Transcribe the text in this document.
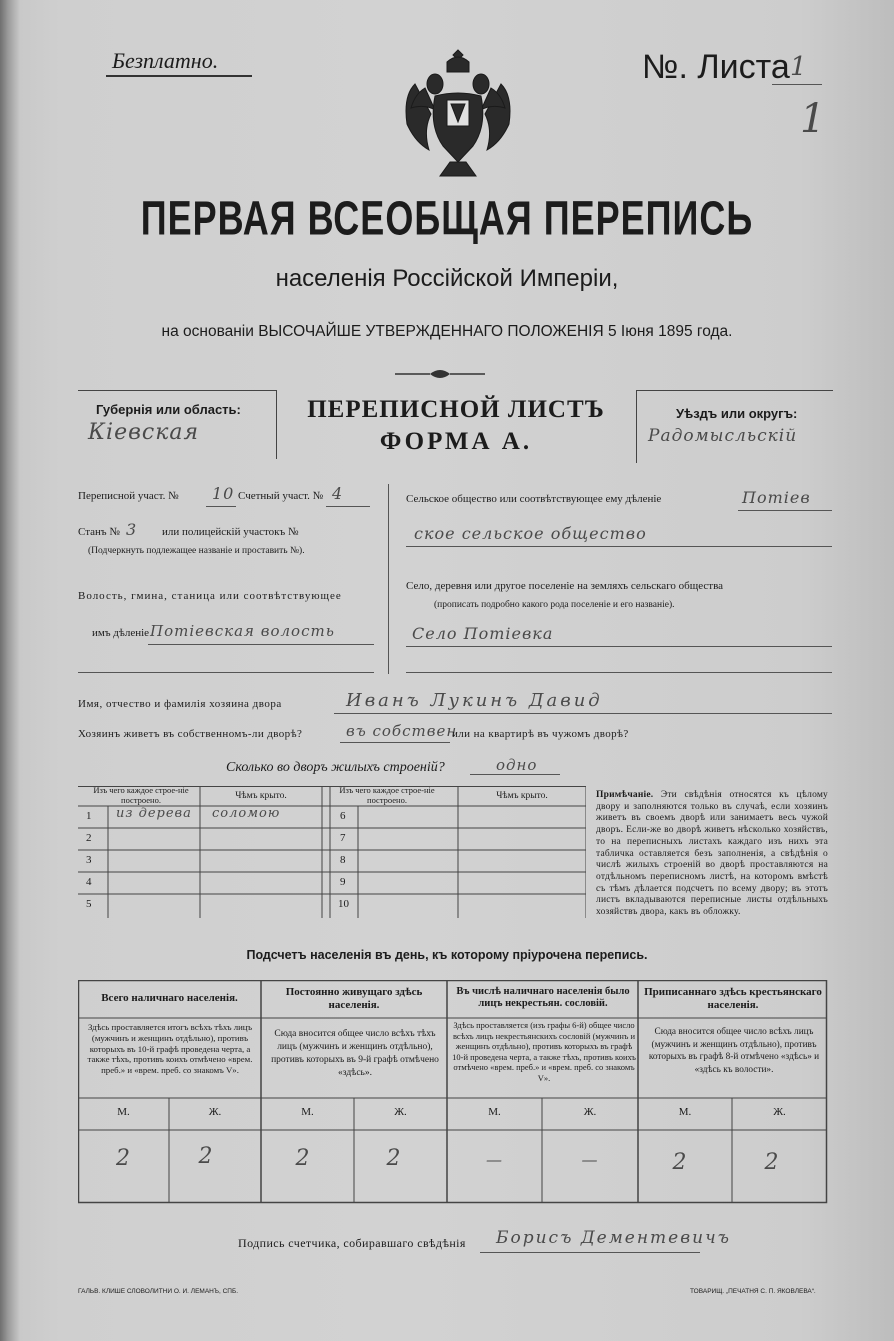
Безплатно.	№. Листа 1
1
ПЕРВАЯ ВСЕОБЩАЯ ПЕРЕПИСЬ
населенія Россійской Имперіи,
на основаніи ВЫСОЧАЙШЕ УТВЕРЖДЕННАГО ПОЛОЖЕНІЯ 5 Іюня 1895 года.
Губернія или область:
Кіевская
ПЕРЕПИСНОЙ ЛИСТЪ
ФОРМА А.
Уѣздъ или округъ:
Радомысльскій
Переписной участ. № 10 Счетный участ. № 4
Станъ № 3 или полицейскій участокъ №
(Подчеркнуть подлежащее названіе и проставить №).
Волость, гмина, станица или соотвѣтствующее
имъ дѣленіе Потіевская волость
Сельское общество или соотвѣтствующее ему дѣленіе	Потіев
ское сельское общество
Село, деревня или другое поселеніе на земляхъ сельскаго общества
(прописать подробно какого рода поселеніе и его названіе).
Село Потіевка
Имя, отчество и фамилія хозяина двора	Иванъ Лукинъ Давид
Хозяинъ живетъ въ собственномъ-ли дворѣ?	въ собствен
или на квартирѣ въ чужомъ дворѣ?
Сколько во дворъ жилыхъ строеній?	одно
Изъ чего каждое строе-ніе построено.	Чѣмъ крыто.
Изъ чего каждое строе-ніе построено.	Чѣмъ крыто.
1 из дерева соломою
2
3
4
5
6
7
8
9
10
Примѣчаніе. Эти свѣдѣнія относятся къ цѣлому двору и заполняются только въ случаѣ, если хозяинъ живетъ въ своемъ дворѣ или занимаетъ весь чужой дворъ. Если-же во дворѣ живетъ нѣсколько хозяйствъ, то на переписныхъ листахъ каждаго изъ нихъ эта табличка оставляется безъ заполненія, а свѣдѣнія о числѣ жилыхъ строеній во дворѣ проставляются на отдѣльномъ переписномъ листѣ, на которомъ вмѣстѣ съ тѣмъ дѣлается подсчетъ по всему двору; въ этотъ листъ вкладываются переписные листы отдѣльныхъ хозяйствъ двора, какъ въ обложку.
Подсчетъ населенія въ день, къ которому пріурочена перепись.
Всего наличнаго населенія.
Здѣсь проставляется итогъ всѣхъ тѣхъ лицъ (мужчинъ и женщинъ отдѣльно), противъ которыхъ въ 10-й графѣ проведена черта, а также тѣхъ, противъ коихъ отмѣчено «врем. преб.» и «врем. преб. со знакомъ V».
Постоянно живущаго здѣсь населенія.
Сюда вносится общее число всѣхъ тѣхъ лицъ (мужчинъ и женщинъ отдѣльно), противъ которыхъ въ 9-й графѣ отмѣчено «здѣсь».
Въ числѣ наличнаго населенія было лицъ некрестьян. сословій.
Здѣсь проставляется (изъ графы 6-й) общее число всѣхъ лицъ некрестьянскихъ сословій (мужчинъ и женщинъ отдѣльно), противъ которыхъ въ графѣ 10-й проведена черта, а также тѣхъ, противъ коихъ отмѣчено «врем. преб.» и «врем. преб. со знакомъ V».
Приписаннаго здѣсь крестьянскаго населенія.
Сюда вносится общее число всѣхъ лицъ (мужчинъ и женщинъ отдѣльно), противъ которыхъ въ графѣ 8-й отмѣчено «здѣсь» и «здѣсь къ волости».
М.	Ж.	М.	Ж.	М.	Ж.	М.	Ж.
2	2	2	2	—	—	2	2
Подпись счетчика, собиравшаго свѣдѣнія Борисъ Дементевичъ
ГАЛЬВ. КЛИШЕ СЛОВОЛИТНИ О. И. ЛЕМАНЪ, СПБ.	ТОВАРИЩ. „ПЕЧАТНЯ С. П. ЯКОВЛЕВА“.
